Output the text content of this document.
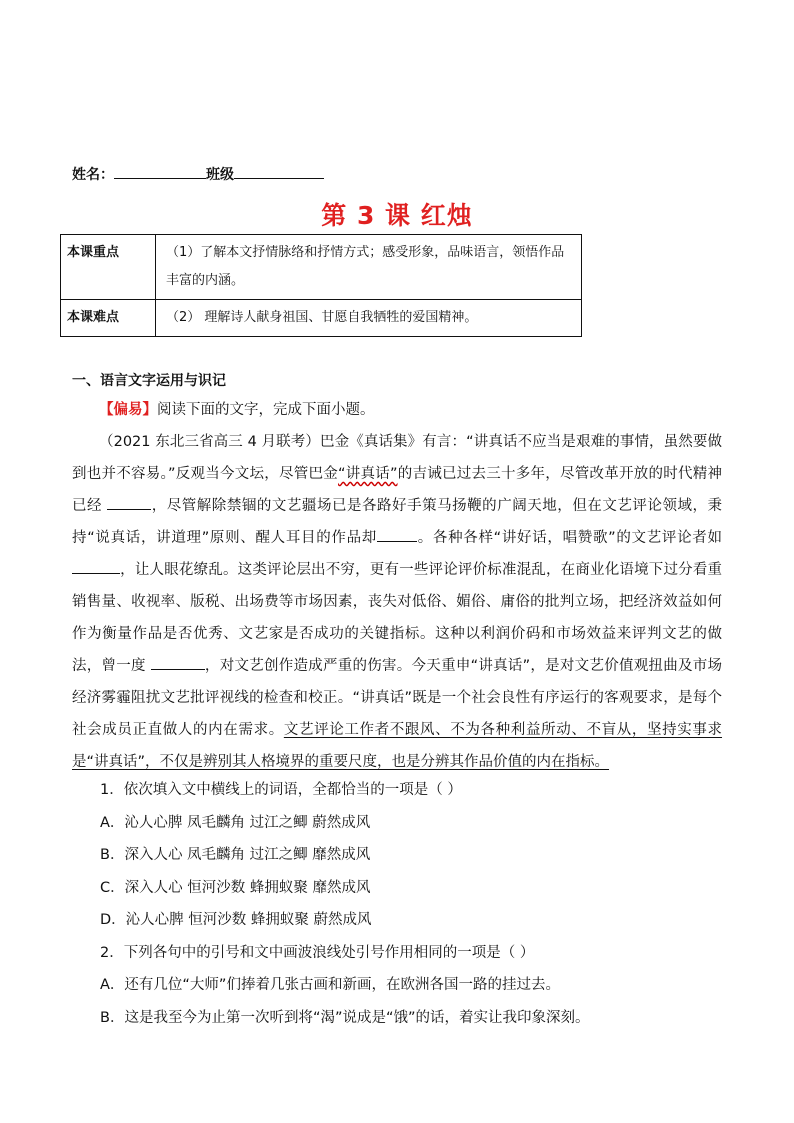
姓名：	班级
第 3 课 红烛
本课重点	（1）了解本文抒情脉络和抒情方式；感受形象，品味语言，领悟作品丰富的内涵。
本课难点	（2） 理解诗人献身祖国、甘愿自我牺牲的爱国精神。
一、语言文字运用与识记
【偏易】阅读下面的文字，完成下面小题。
（2021 东北三省高三 4 月联考）巴金《真话集》有言：“讲真话不应当是艰难的事情，虽然要做到也并不容易。”反观当今文坛，尽管巴金“讲真话”的吉诫已过去三十多年，尽管改革开放的时代精神已经	，尽管解除禁锢的文艺疆场已是各路好手策马扬鞭的广阔天地，但在文艺评论领域，秉持“说真话，讲道理”原则、醒人耳目的作品却	。各种各样“讲好话，唱赞歌”的文艺评论者如，让人眼花缭乱。这类评论层出不穷，更有一些评论评价标准混乱，在商业化语境下过分看重销售量、收视率、版税、出场费等市场因素，丧失对低俗、媚俗、庸俗的批判立场，把经济效益如何作为衡量作品是否优秀、文艺家是否成功的关键指标。这种以利润价码和市场效益来评判文艺的做法，曾一度	，对文艺创作造成严重的伤害。今天重申“讲真话”，是对文艺价值观扭曲及市场经济雾霾阻扰文艺批评视线的检查和校正。“讲真话”既是一个社会良性有序运行的客观要求，是每个社会成员正直做人的内在需求。文艺评论工作者不跟风、不为各种利益所动、不盲从，坚持实事求是“讲真话”，不仅是辨别其人格境界的重要尺度，也是分辨其作品价值的内在指标。
1．依次填入文中横线上的词语，全都恰当的一项是（ ）
A．沁人心脾 凤毛麟角 过江之鲫 蔚然成风
B．深入人心 凤毛麟角 过江之鲫 靡然成风
C．深入人心 恒河沙数 蜂拥蚁聚 靡然成风
D．沁人心脾 恒河沙数 蜂拥蚁聚 蔚然成风
2．下列各句中的引号和文中画波浪线处引号作用相同的一项是（ ）
A．还有几位“大师”们捧着几张古画和新画，在欧洲各国一路的挂过去。
B．这是我至今为止第一次听到将“渴”说成是“饿”的话，着实让我印象深刻。
